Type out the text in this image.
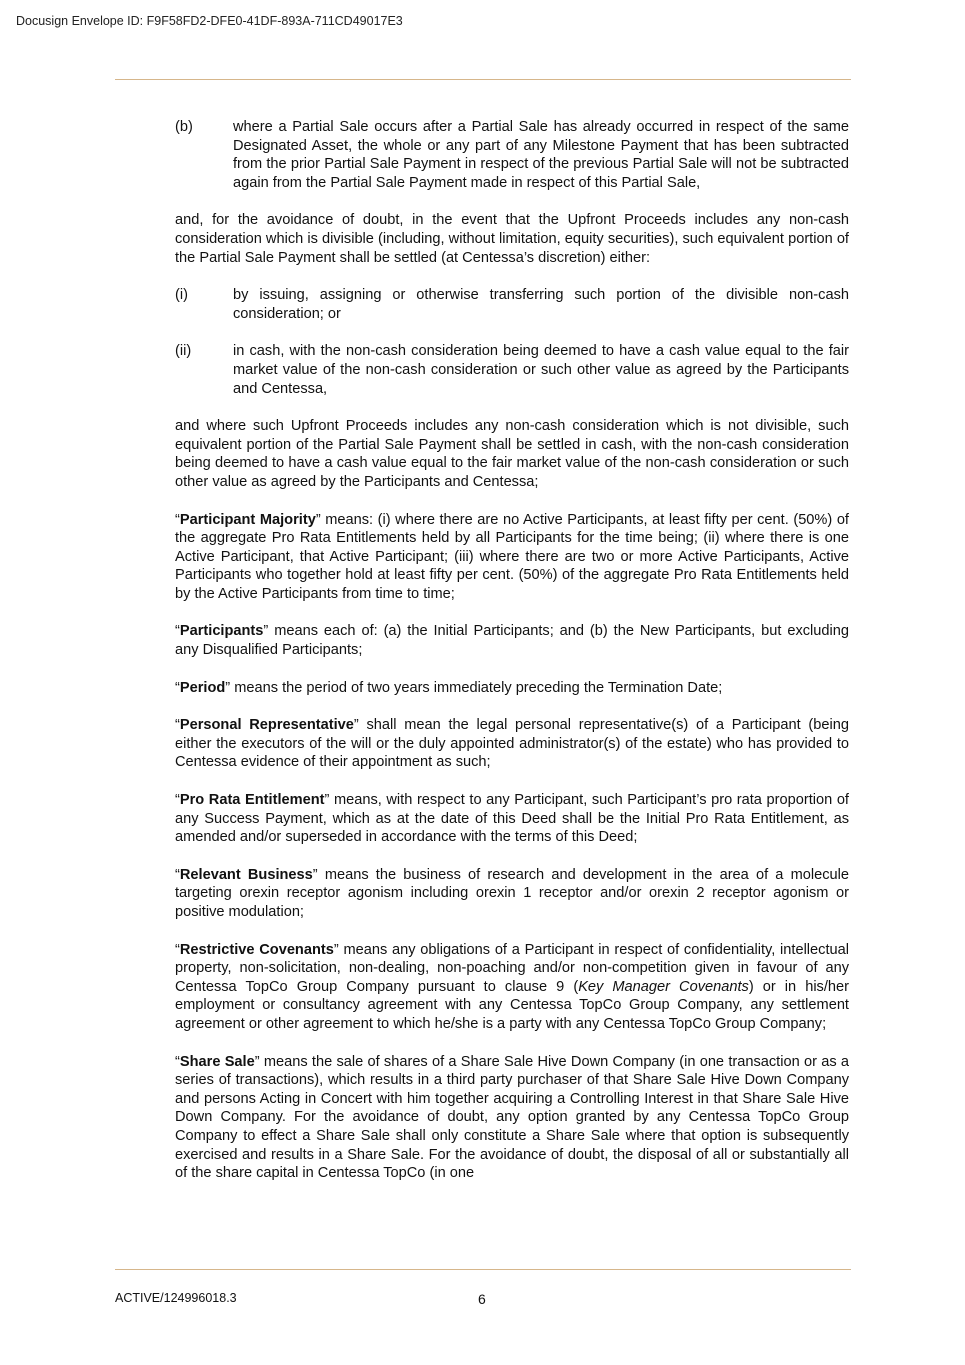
Docusign Envelope ID: F9F58FD2-DFE0-41DF-893A-711CD49017E3
(b)	where a Partial Sale occurs after a Partial Sale has already occurred in respect of the same Designated Asset, the whole or any part of any Milestone Payment that has been subtracted from the prior Partial Sale Payment in respect of the previous Partial Sale will not be subtracted again from the Partial Sale Payment made in respect of this Partial Sale,

and, for the avoidance of doubt, in the event that the Upfront Proceeds includes any non-cash consideration which is divisible (including, without limitation, equity securities), such equivalent portion of the Partial Sale Payment shall be settled (at Centessa’s discretion) either:

(i)	by issuing, assigning or otherwise transferring such portion of the divisible non-cash consideration; or
(ii)	in cash, with the non-cash consideration being deemed to have a cash value equal to the fair market value of the non-cash consideration or such other value as agreed by the Participants and Centessa,

and where such Upfront Proceeds includes any non-cash consideration which is not divisible, such equivalent portion of the Partial Sale Payment shall be settled in cash, with the non-cash consideration being deemed to have a cash value equal to the fair market value of the non-cash consideration or such other value as agreed by the Participants and Centessa;

“Participant Majority” means: (i) where there are no Active Participants, at least fifty per cent. (50%) of the aggregate Pro Rata Entitlements held by all Participants for the time being; (ii) where there is one Active Participant, that Active Participant; (iii) where there are two or more Active Participants, Active Participants who together hold at least fifty per cent. (50%) of the aggregate Pro Rata Entitlements held by the Active Participants from time to time;

“Participants” means each of: (a) the Initial Participants; and (b) the New Participants, but excluding any Disqualified Participants;

“Period” means the period of two years immediately preceding the Termination Date;

“Personal Representative” shall mean the legal personal representative(s) of a Participant (being either the executors of the will or the duly appointed administrator(s) of the estate) who has provided to Centessa evidence of their appointment as such;

“Pro Rata Entitlement” means, with respect to any Participant, such Participant’s pro rata proportion of any Success Payment, which as at the date of this Deed shall be the Initial Pro Rata Entitlement, as amended and/or superseded in accordance with the terms of this Deed;

“Relevant Business” means the business of research and development in the area of a molecule targeting orexin receptor agonism including orexin 1 receptor and/or orexin 2 receptor agonism or positive modulation;

“Restrictive Covenants” means any obligations of a Participant in respect of confidentiality, intellectual property, non-solicitation, non-dealing, non-poaching and/or non-competition given in favour of any Centessa TopCo Group Company pursuant to clause 9 (Key Manager Covenants) or in his/her employment or consultancy agreement with any Centessa TopCo Group Company, any settlement agreement or other agreement to which he/she is a party with any Centessa TopCo Group Company;

“Share Sale” means the sale of shares of a Share Sale Hive Down Company (in one transaction or as a series of transactions), which results in a third party purchaser of that Share Sale Hive Down Company and persons Acting in Concert with him together acquiring a Controlling Interest in that Share Sale Hive Down Company. For the avoidance of doubt, any option granted by any Centessa TopCo Group Company to effect a Share Sale shall only constitute a Share Sale where that option is subsequently exercised and results in a Share Sale. For the avoidance of doubt, the disposal of all or substantially all of the share capital in Centessa TopCo (in one

ACTIVE/124996018.3	6
